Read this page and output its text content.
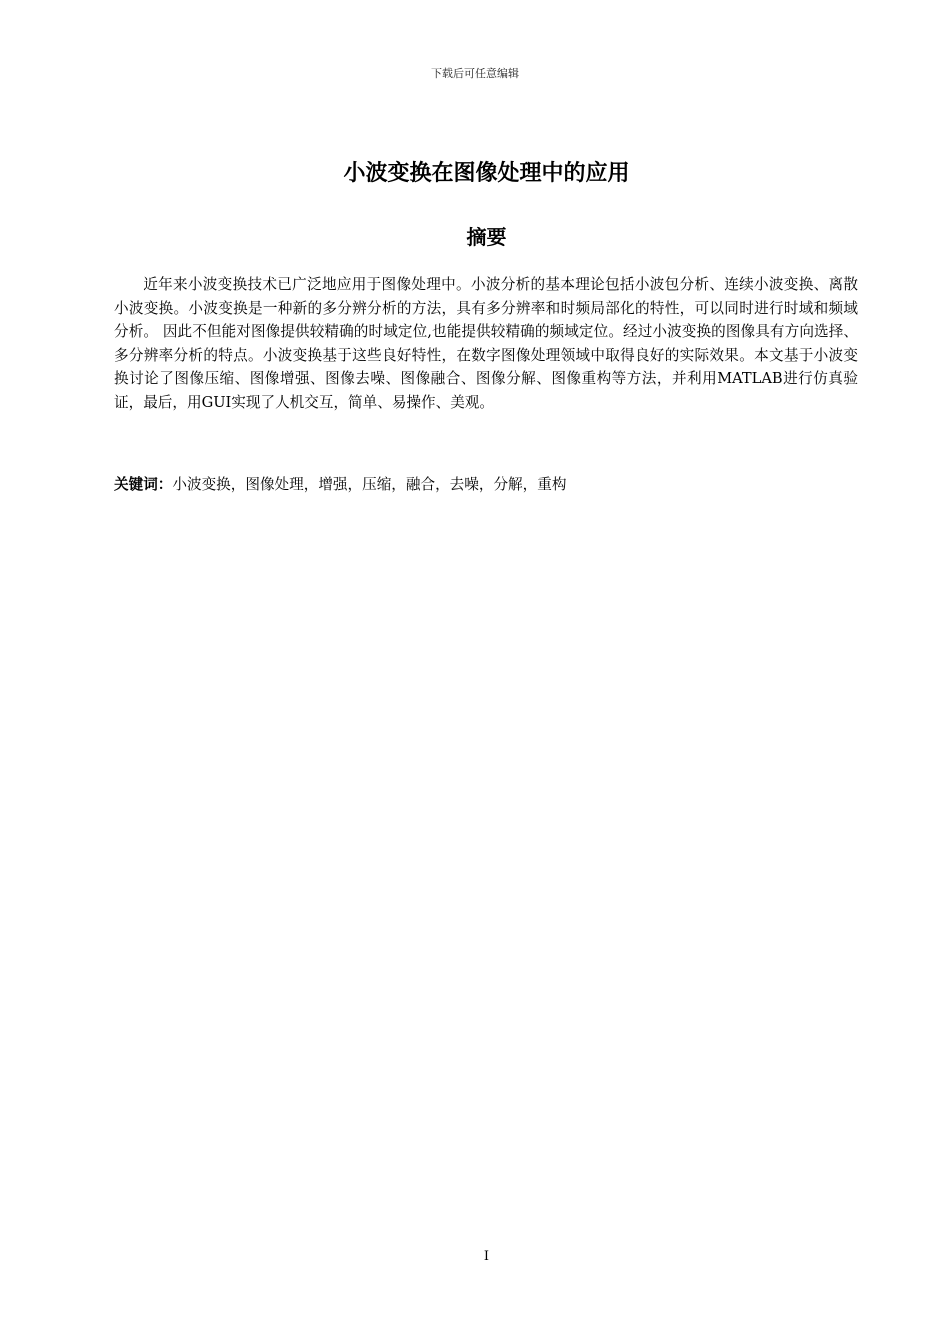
下载后可任意编辑
小波变换在图像处理中的应用
摘要

近年来小波变换技术已广泛地应用于图像处理中。小波分析的基本理论包括小波包分析、连续小波变换、离散小波变换。小波变换是一种新的多分辨分析的方法，具有多分辨率和时频局部化的特性，可以同时进行时域和频域分析。 因此不但能对图像提供较精确的时域定位,也能提供较精确的频域定位。经过小波变换的图像具有方向选择、多分辨率分析的特点。小波变换基于这些良好特性，在数字图像处理领域中取得良好的实际效果。本文基于小波变换讨论了图像压缩、图像增强、图像去噪、图像融合、图像分解、图像重构等方法，并利用MATLAB进行仿真验证，最后，用GUI实现了人机交互，简单、易操作、美观。

关键词：小波变换，图像处理，增强，压缩，融合，去噪，分解，重构

I
